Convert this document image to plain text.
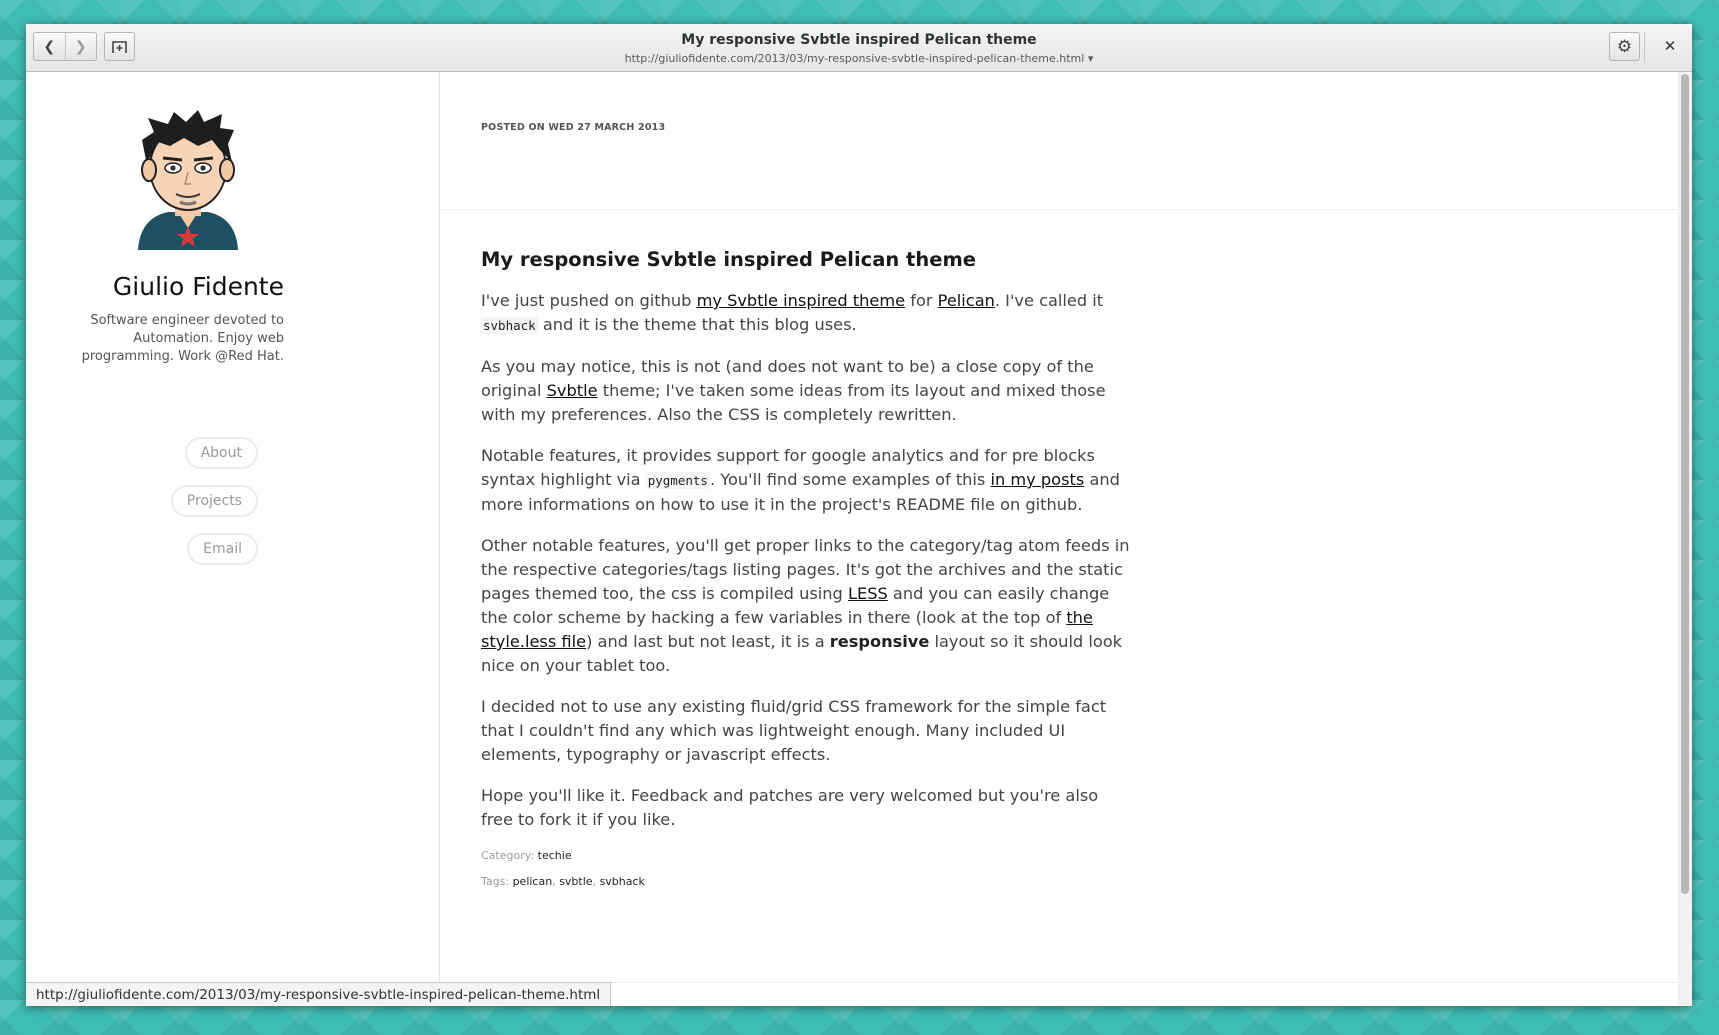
❮ ❯	My responsive Svbtle inspired Pelican theme
http://giuliofidente.com/2013/03/my-responsive-svbtle-inspired-pelican-theme.html ▾
⚙ ✕
Giulio Fidente
Software engineer devoted to Automation. Enjoy web programming. Work @Red Hat.
About
Projects
Email
POSTED ON WED 27 MARCH 2013
My responsive Svbtle inspired Pelican theme

I've just pushed on github my Svbtle inspired theme for Pelican. I've called it svbhack and it is the theme that this blog uses.

As you may notice, this is not (and does not want to be) a close copy of the original Svbtle theme; I've taken some ideas from its layout and mixed those with my preferences. Also the CSS is completely rewritten.

Notable features, it provides support for google analytics and for pre blocks syntax highlight via pygments . You'll find some examples of this in my posts and more informations on how to use it in the project's README file on github.

Other notable features, you'll get proper links to the category/tag atom feeds in the respective categories/tags listing pages. It's got the archives and the static pages themed too, the css is compiled using LESS and you can easily change the color scheme by hacking a few variables in there (look at the top of the style.less file) and last but not least, it is a responsive layout so it should look nice on your tablet too.

I decided not to use any existing fluid/grid CSS framework for the simple fact that I couldn't find any which was lightweight enough. Many included UI elements, typography or javascript effects.

Hope you'll like it. Feedback and patches are very welcomed but you're also free to fork it if you like.

Category: techie
Tags: pelican, svbtle, svbhack
http://giuliofidente.com/2013/03/my-responsive-svbtle-inspired-pelican-theme.html
